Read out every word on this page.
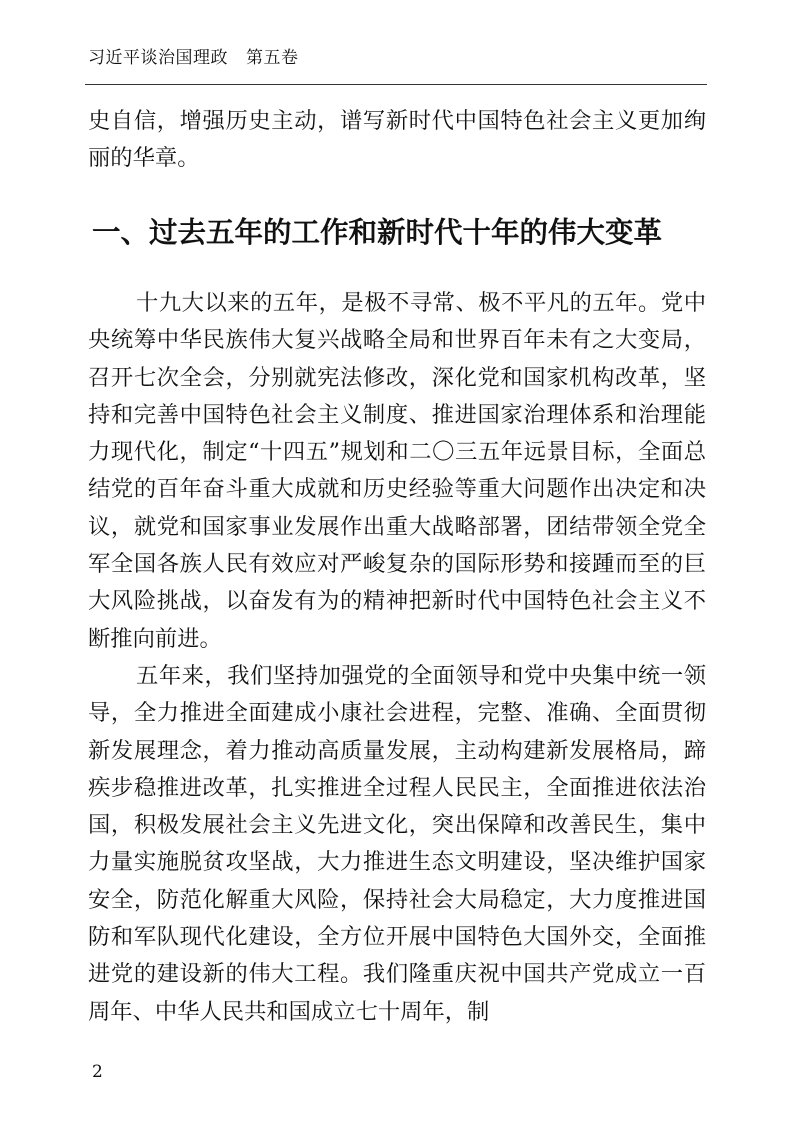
习近平谈治国理政 第五卷

史自信，增强历史主动，谱写新时代中国特色社会主义更加绚丽的华章。

一、过去五年的工作和新时代十年的伟大变革

十九大以来的五年，是极不寻常、极不平凡的五年。党中央统筹中华民族伟大复兴战略全局和世界百年未有之大变局，召开七次全会，分别就宪法修改，深化党和国家机构改革，坚持和完善中国特色社会主义制度、推进国家治理体系和治理能力现代化，制定“十四五”规划和二〇三五年远景目标，全面总结党的百年奋斗重大成就和历史经验等重大问题作出决定和决议，就党和国家事业发展作出重大战略部署，团结带领全党全军全国各族人民有效应对严峻复杂的国际形势和接踵而至的巨大风险挑战，以奋发有为的精神把新时代中国特色社会主义不断推向前进。

五年来，我们坚持加强党的全面领导和党中央集中统一领导，全力推进全面建成小康社会进程，完整、准确、全面贯彻新发展理念，着力推动高质量发展，主动构建新发展格局，蹄疾步稳推进改革，扎实推进全过程人民民主，全面推进依法治国，积极发展社会主义先进文化，突出保障和改善民生，集中力量实施脱贫攻坚战，大力推进生态文明建设，坚决维护国家安全，防范化解重大风险，保持社会大局稳定，大力度推进国防和军队现代化建设，全方位开展中国特色大国外交，全面推进党的建设新的伟大工程。我们隆重庆祝中国共产党成立一百周年、中华人民共和国成立七十周年，制

2
